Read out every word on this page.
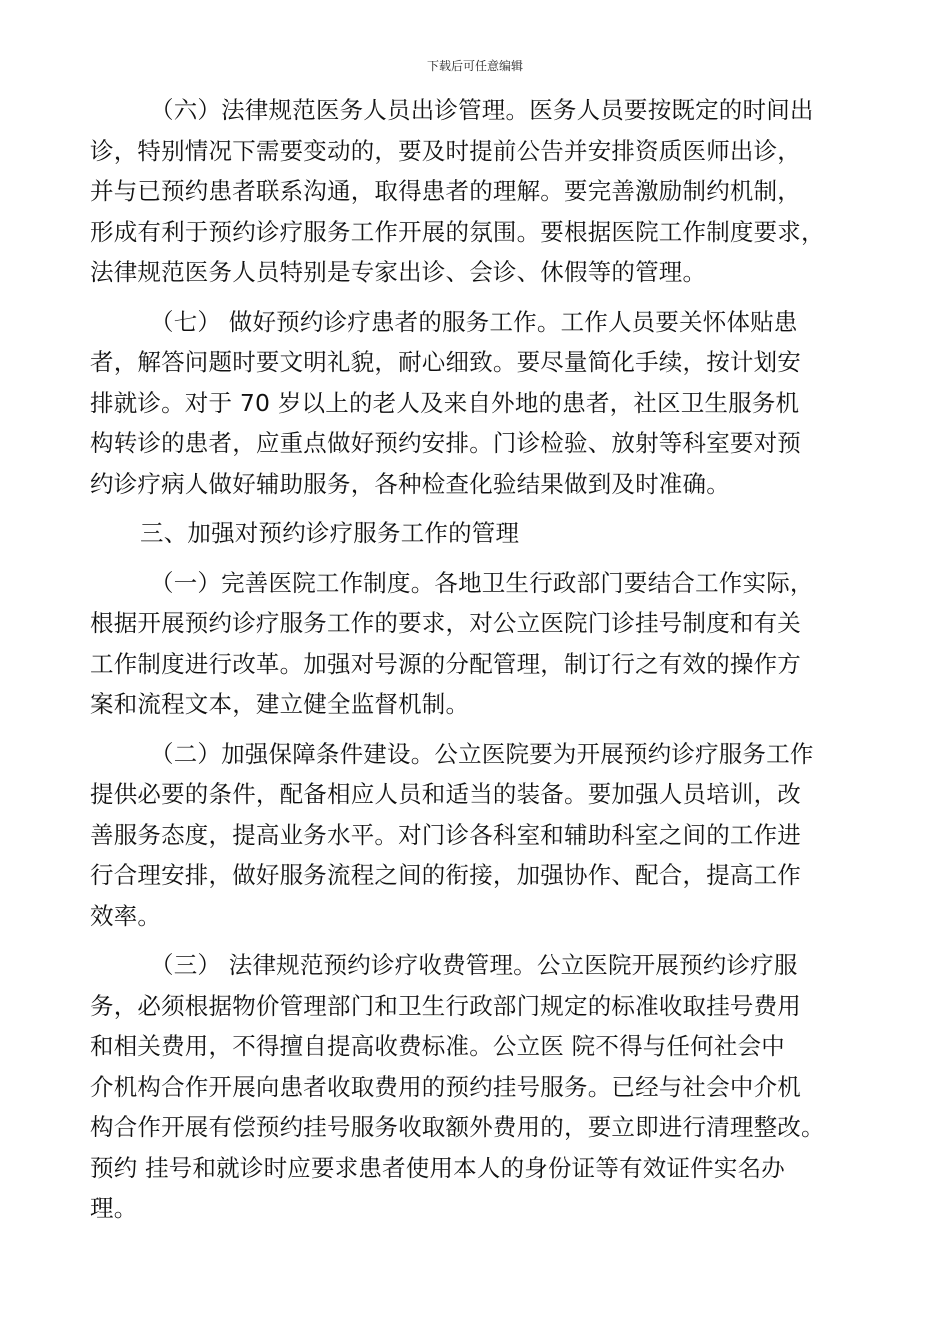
下载后可任意编辑
（六）法律规范医务人员出诊管理。医务人员要按既定的时间出
诊，特别情况下需要变动的，要及时提前公告并安排资质医师出诊，
并与已预约患者联系沟通，取得患者的理解。要完善激励制约机制，
形成有利于预约诊疗服务工作开展的氛围。要根据医院工作制度要求，
法律规范医务人员特别是专家出诊、会诊、休假等的管理。
（七） 做好预约诊疗患者的服务工作。工作人员要关怀体贴患
者，解答问题时要文明礼貌，耐心细致。要尽量简化手续，按计划安
排就诊。对于 70 岁以上的老人及来自外地的患者，社区卫生服务机
构转诊的患者，应重点做好预约安排。门诊检验、放射等科室要对预
约诊疗病人做好辅助服务，各种检查化验结果做到及时准确。
三、加强对预约诊疗服务工作的管理
（一）完善医院工作制度。各地卫生行政部门要结合工作实际，
根据开展预约诊疗服务工作的要求，对公立医院门诊挂号制度和有关
工作制度进行改革。加强对号源的分配管理，制订行之有效的操作方
案和流程文本，建立健全监督机制。
（二）加强保障条件建设。公立医院要为开展预约诊疗服务工作
提供必要的条件，配备相应人员和适当的装备。要加强人员培训，改
善服务态度，提高业务水平。对门诊各科室和辅助科室之间的工作进
行合理安排，做好服务流程之间的衔接，加强协作、配合，提高工作
效率。
（三） 法律规范预约诊疗收费管理。公立医院开展预约诊疗服
务，必须根据物价管理部门和卫生行政部门规定的标准收取挂号费用
和相关费用，不得擅自提高收费标准。公立医 院不得与任何社会中
介机构合作开展向患者收取费用的预约挂号服务。已经与社会中介机
构合作开展有偿预约挂号服务收取额外费用的，要立即进行清理整改。
预约 挂号和就诊时应要求患者使用本人的身份证等有效证件实名办
理。
